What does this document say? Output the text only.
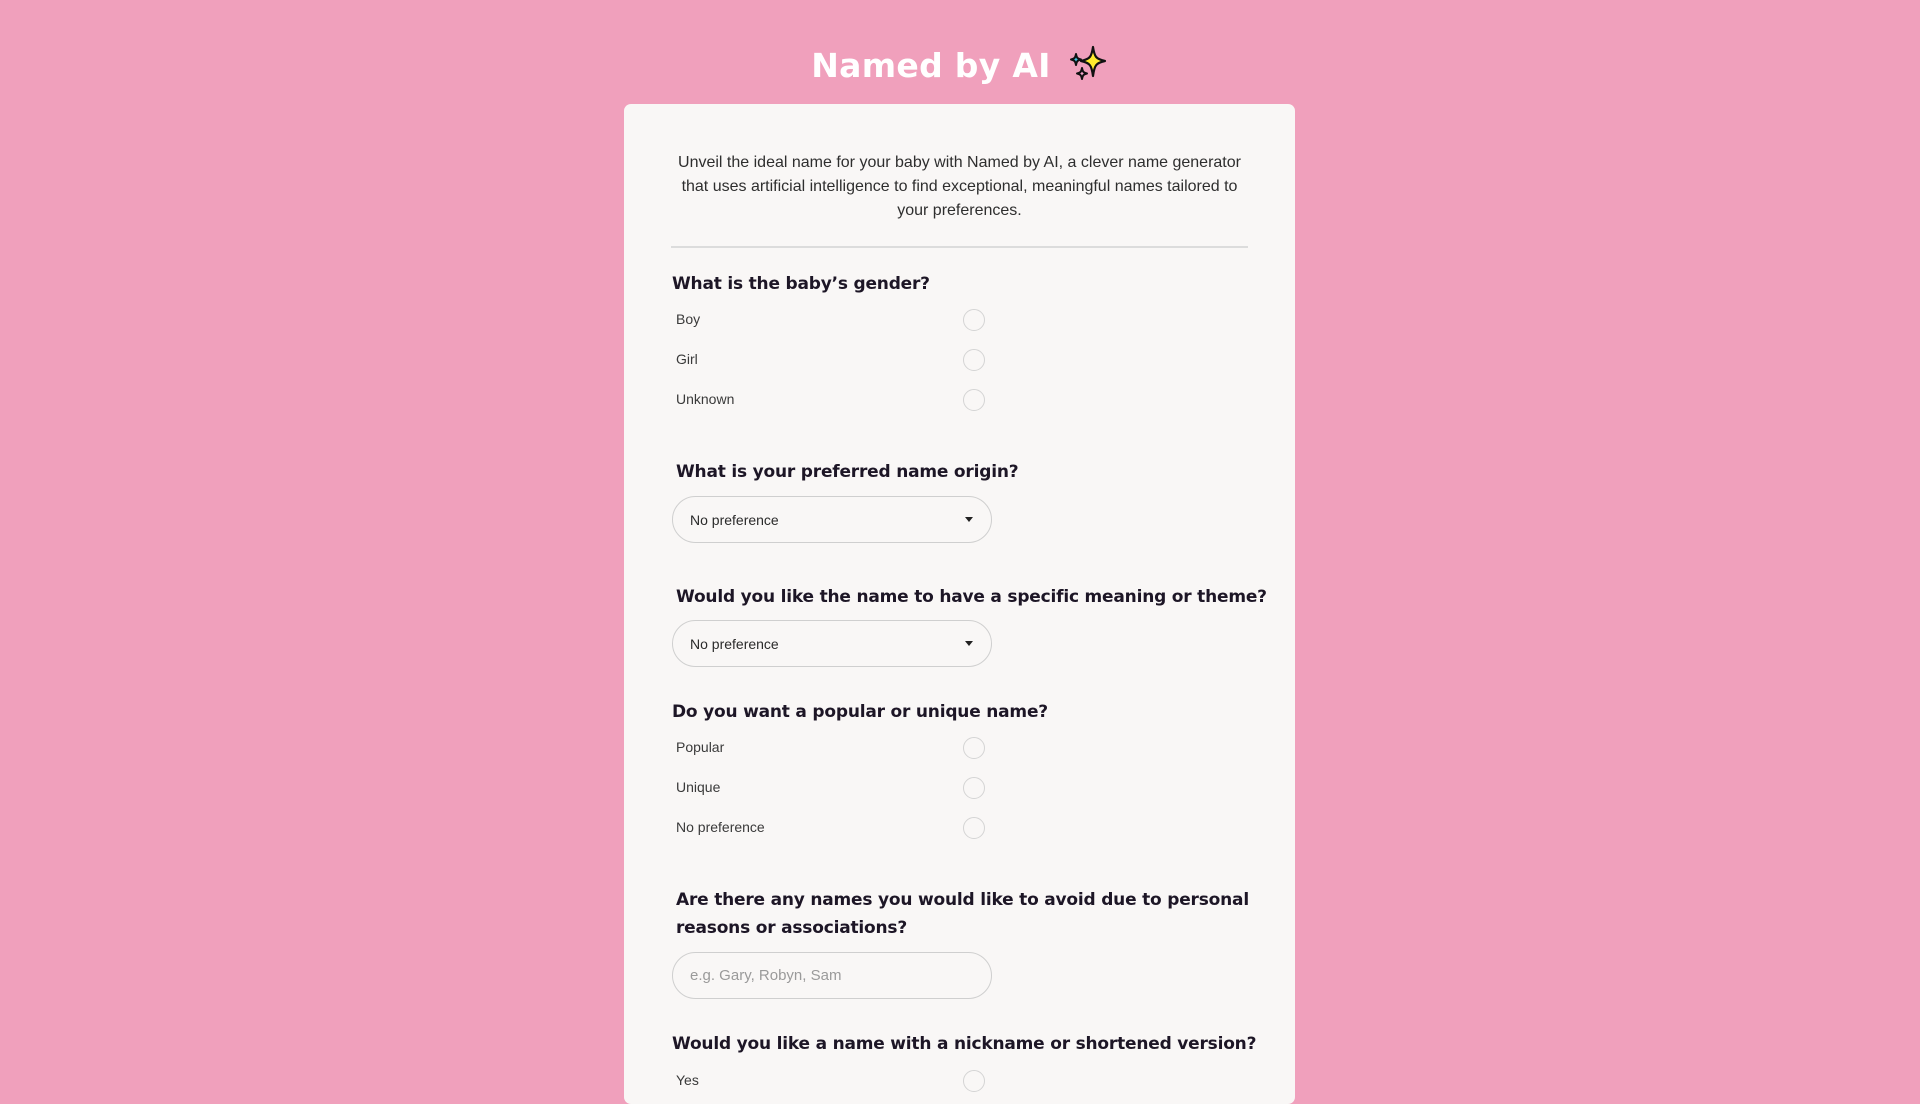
Named by AI
Unveil the ideal name for your baby with Named by AI, a clever name generator that uses artificial intelligence to find exceptional, meaningful names tailored to your preferences.
What is the baby’s gender?
Boy
Girl
Unknown
What is your preferred name origin?
No preference
Would you like the name to have a specific meaning or theme?
No preference
Do you want a popular or unique name?
Popular
Unique
No preference
Are there any names you would like to avoid due to personal
reasons or associations?
e.g. Gary, Robyn, Sam
Would you like a name with a nickname or shortened version?
Yes
